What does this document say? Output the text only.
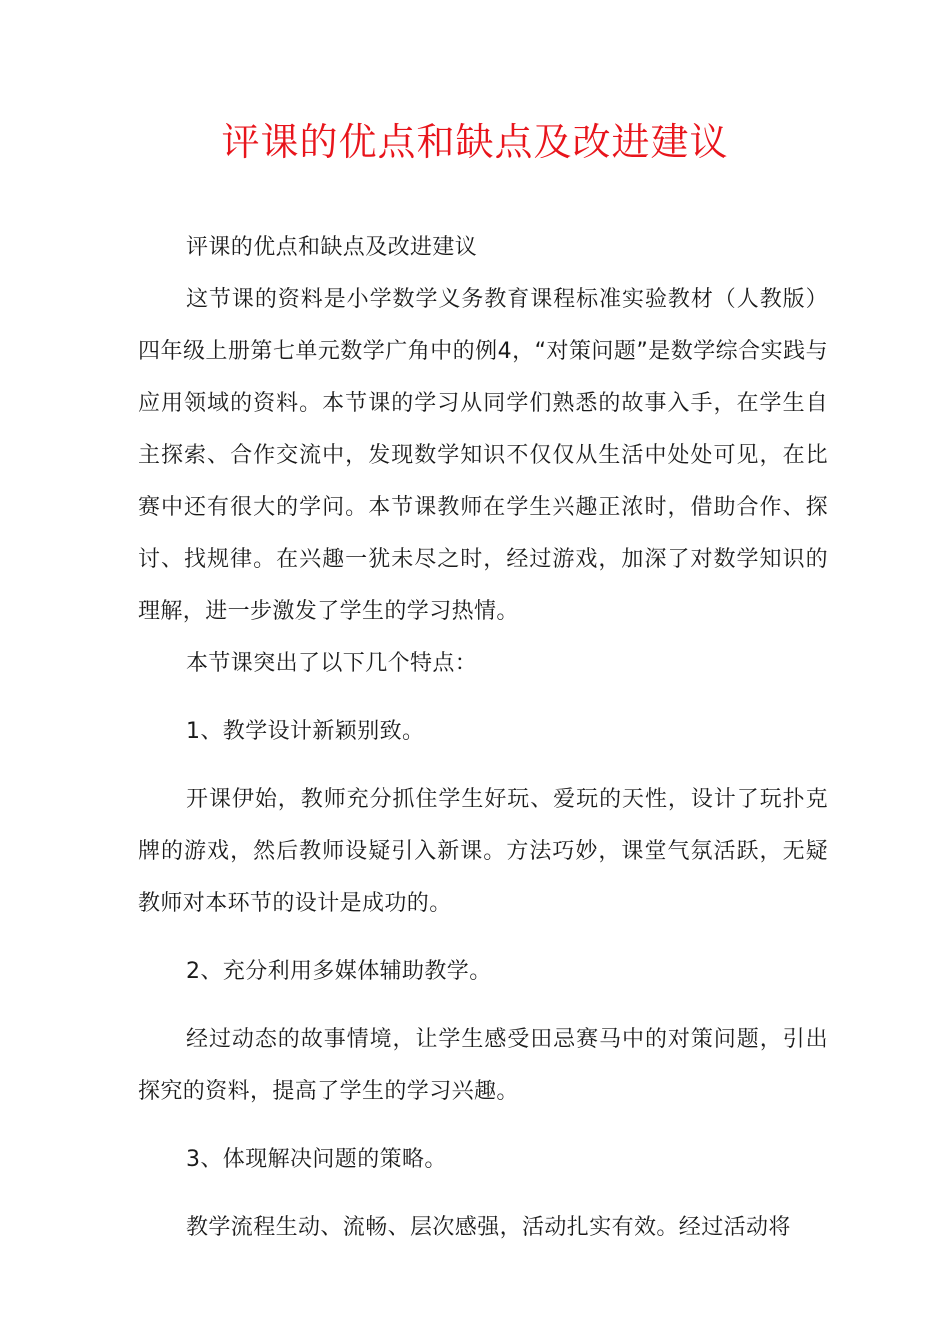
评课的优点和缺点及改进建议

评课的优点和缺点及改进建议

这节课的资料是小学数学义务教育课程标准实验教材（人教版）四年级上册第七单元数学广角中的例4，“对策问题”是数学综合实践与应用领域的资料。本节课的学习从同学们熟悉的故事入手，在学生自主探索、合作交流中，发现数学知识不仅仅从生活中处处可见，在比赛中还有很大的学问。本节课教师在学生兴趣正浓时，借助合作、探讨、找规律。在兴趣一犹未尽之时，经过游戏，加深了对数学知识的理解，进一步激发了学生的学习热情。

本节课突出了以下几个特点：

1、教学设计新颖别致。

开课伊始，教师充分抓住学生好玩、爱玩的天性，设计了玩扑克牌的游戏，然后教师设疑引入新课。方法巧妙，课堂气氛活跃，无疑教师对本环节的设计是成功的。

2、充分利用多媒体辅助教学。

经过动态的故事情境，让学生感受田忌赛马中的对策问题，引出探究的资料，提高了学生的学习兴趣。

3、体现解决问题的策略。

教学流程生动、流畅、层次感强，活动扎实有效。经过活动将
